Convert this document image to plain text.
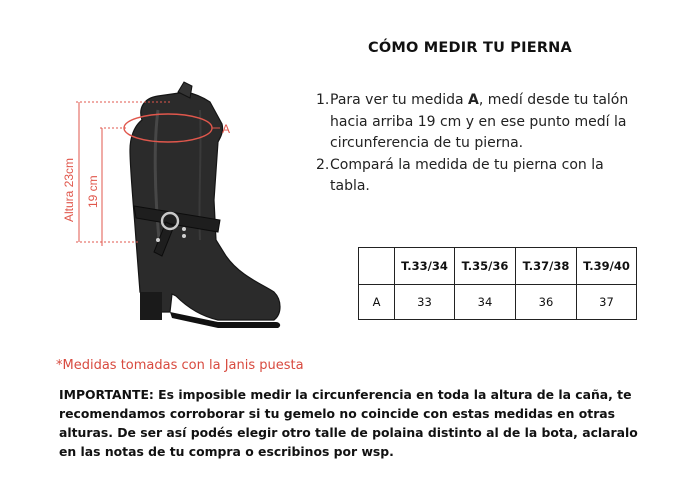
A
Altura 23cm 19 cm
CÓMO MEDIR TU PIERNA
1. Para ver tu medida A, medí desde tu talón hacia arriba 19 cm y en ese punto medí la circunferencia de tu pierna.
2. Compará la medida de tu pierna con la tabla.
	T.33/34	T.35/36	T.37/38	T.39/40
A	33	34	36	37
*Medidas tomadas con la Janis puesta
IMPORTANTE: Es imposible medir la circunferencia en toda la altura de la caña, te recomendamos corroborar si tu gemelo no coincide con estas medidas en otras alturas. De ser así podés elegir otro talle de polaina distinto al de la bota, aclaralo en las notas de tu compra o escribinos por wsp.
